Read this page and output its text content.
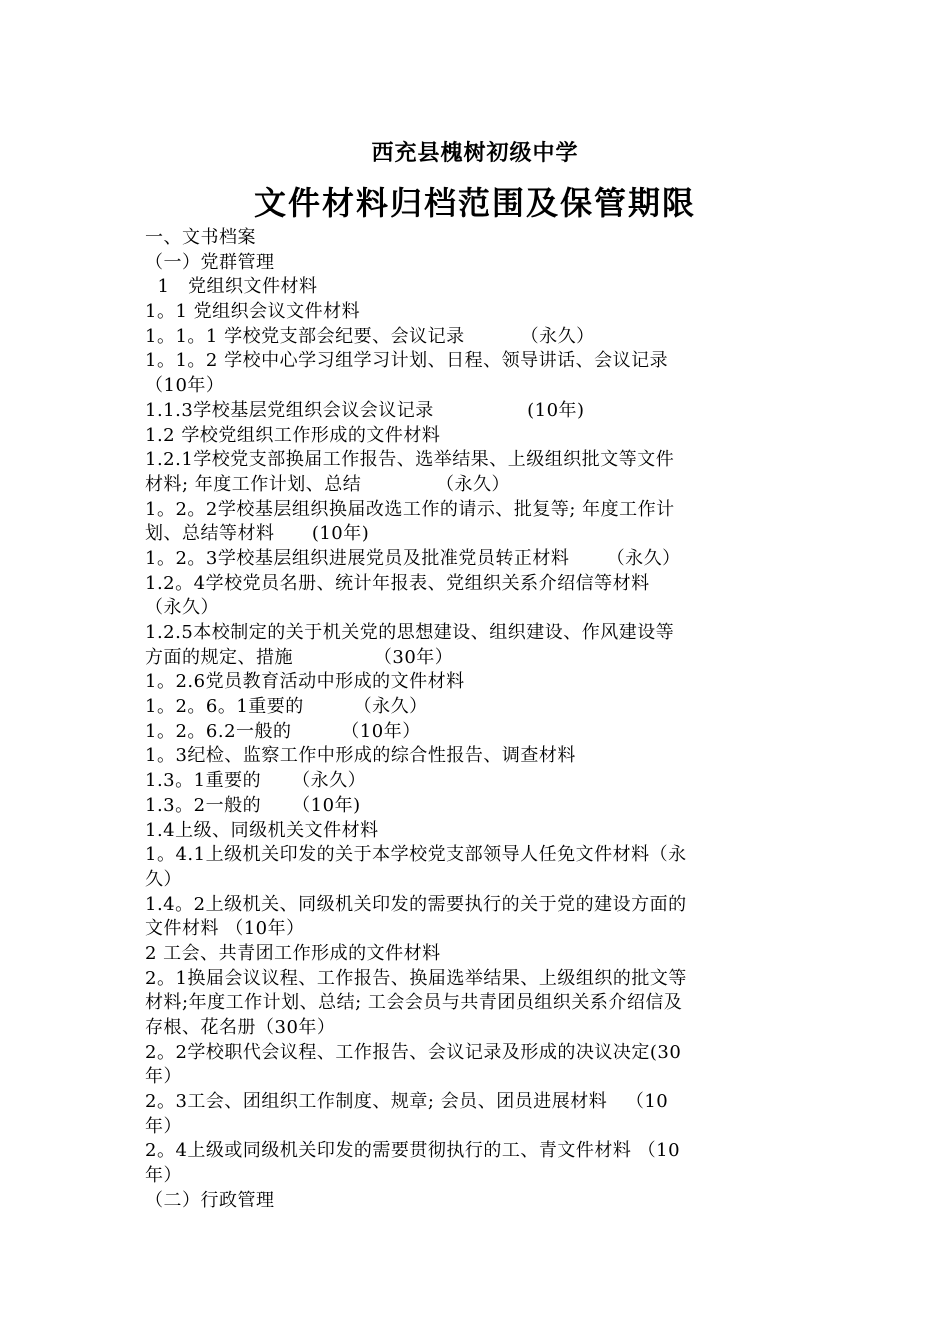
西充县槐树初级中学
文件材料归档范围及保管期限
一、文书档案
（一）党群管理
1   党组织文件材料
1。1 党组织会议文件材料
1。1。1 学校党支部会纪要、会议记录         （永久）
1。1。2 学校中心学习组学习计划、日程、领导讲话、会议记录
（10年）
1.1.3学校基层党组织会议会议记录               (10年)
1.2 学校党组织工作形成的文件材料
1.2.1学校党支部换届工作报告、选举结果、上级组织批文等文件
材料; 年度工作计划、总结            （永久）
1。2。2学校基层组织换届改选工作的请示、批复等; 年度工作计
划、总结等材料      (10年)
1。2。3学校基层组织进展党员及批准党员转正材料      （永久）
1.2。4学校党员名册、统计年报表、党组织关系介绍信等材料
（永久）
1.2.5本校制定的关于机关党的思想建设、组织建设、作风建设等
方面的规定、措施             （30年）
1。2.6党员教育活动中形成的文件材料
1。2。6。1重要的        （永久）
1。2。6.2一般的        （10年）
1。3纪检、监察工作中形成的综合性报告、调查材料
1.3。1重要的     （永久）
1.3。2一般的     （10年)
1.4上级、同级机关文件材料
1。4.1上级机关印发的关于本学校党支部领导人任免文件材料（永
久）
1.4。2上级机关、同级机关印发的需要执行的关于党的建设方面的
文件材料 （10年）
2 工会、共青团工作形成的文件材料
2。1换届会议议程、工作报告、换届选举结果、上级组织的批文等
材料;年度工作计划、总结; 工会会员与共青团员组织关系介绍信及
存根、花名册（30年）
2。2学校职代会议程、工作报告、会议记录及形成的决议决定(30
年）
2。3工会、团组织工作制度、规章; 会员、团员进展材料   （10
年）
2。4上级或同级机关印发的需要贯彻执行的工、青文件材料 （10
年）
（二）行政管理
